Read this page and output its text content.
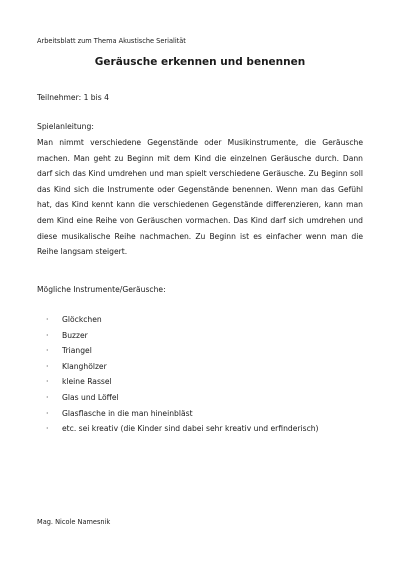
Arbeitsblatt zum Thema Akustische Serialität
Geräusche erkennen und benennen
Teilnehmer: 1 bis 4
Spielanleitung:
Man nimmt verschiedene Gegenstände oder Musikinstrumente, die Geräusche machen. Man geht zu Beginn mit dem Kind die einzelnen Geräusche durch. Dann darf sich das Kind umdrehen und man spielt verschiedene Geräusche. Zu Beginn soll das Kind sich die Instrumente oder Gegenstände benennen. Wenn man das Gefühl hat, das Kind kennt kann die verschiedenen Gegenstände differenzieren, kann man dem Kind eine Reihe von Geräuschen vormachen. Das Kind darf sich umdrehen und diese musikalische Reihe nachmachen. Zu Beginn ist es einfacher wenn man die Reihe langsam steigert.
Mögliche Instrumente/Geräusche:
·	Glöckchen
·	Buzzer
·	Triangel
·	Klanghölzer
·	kleine Rassel
·	Glas und Löffel
·	Glasflasche in die man hineinbläst
·	etc. sei kreativ (die Kinder sind dabei sehr kreativ und erfinderisch)
Mag. Nicole Namesnik
